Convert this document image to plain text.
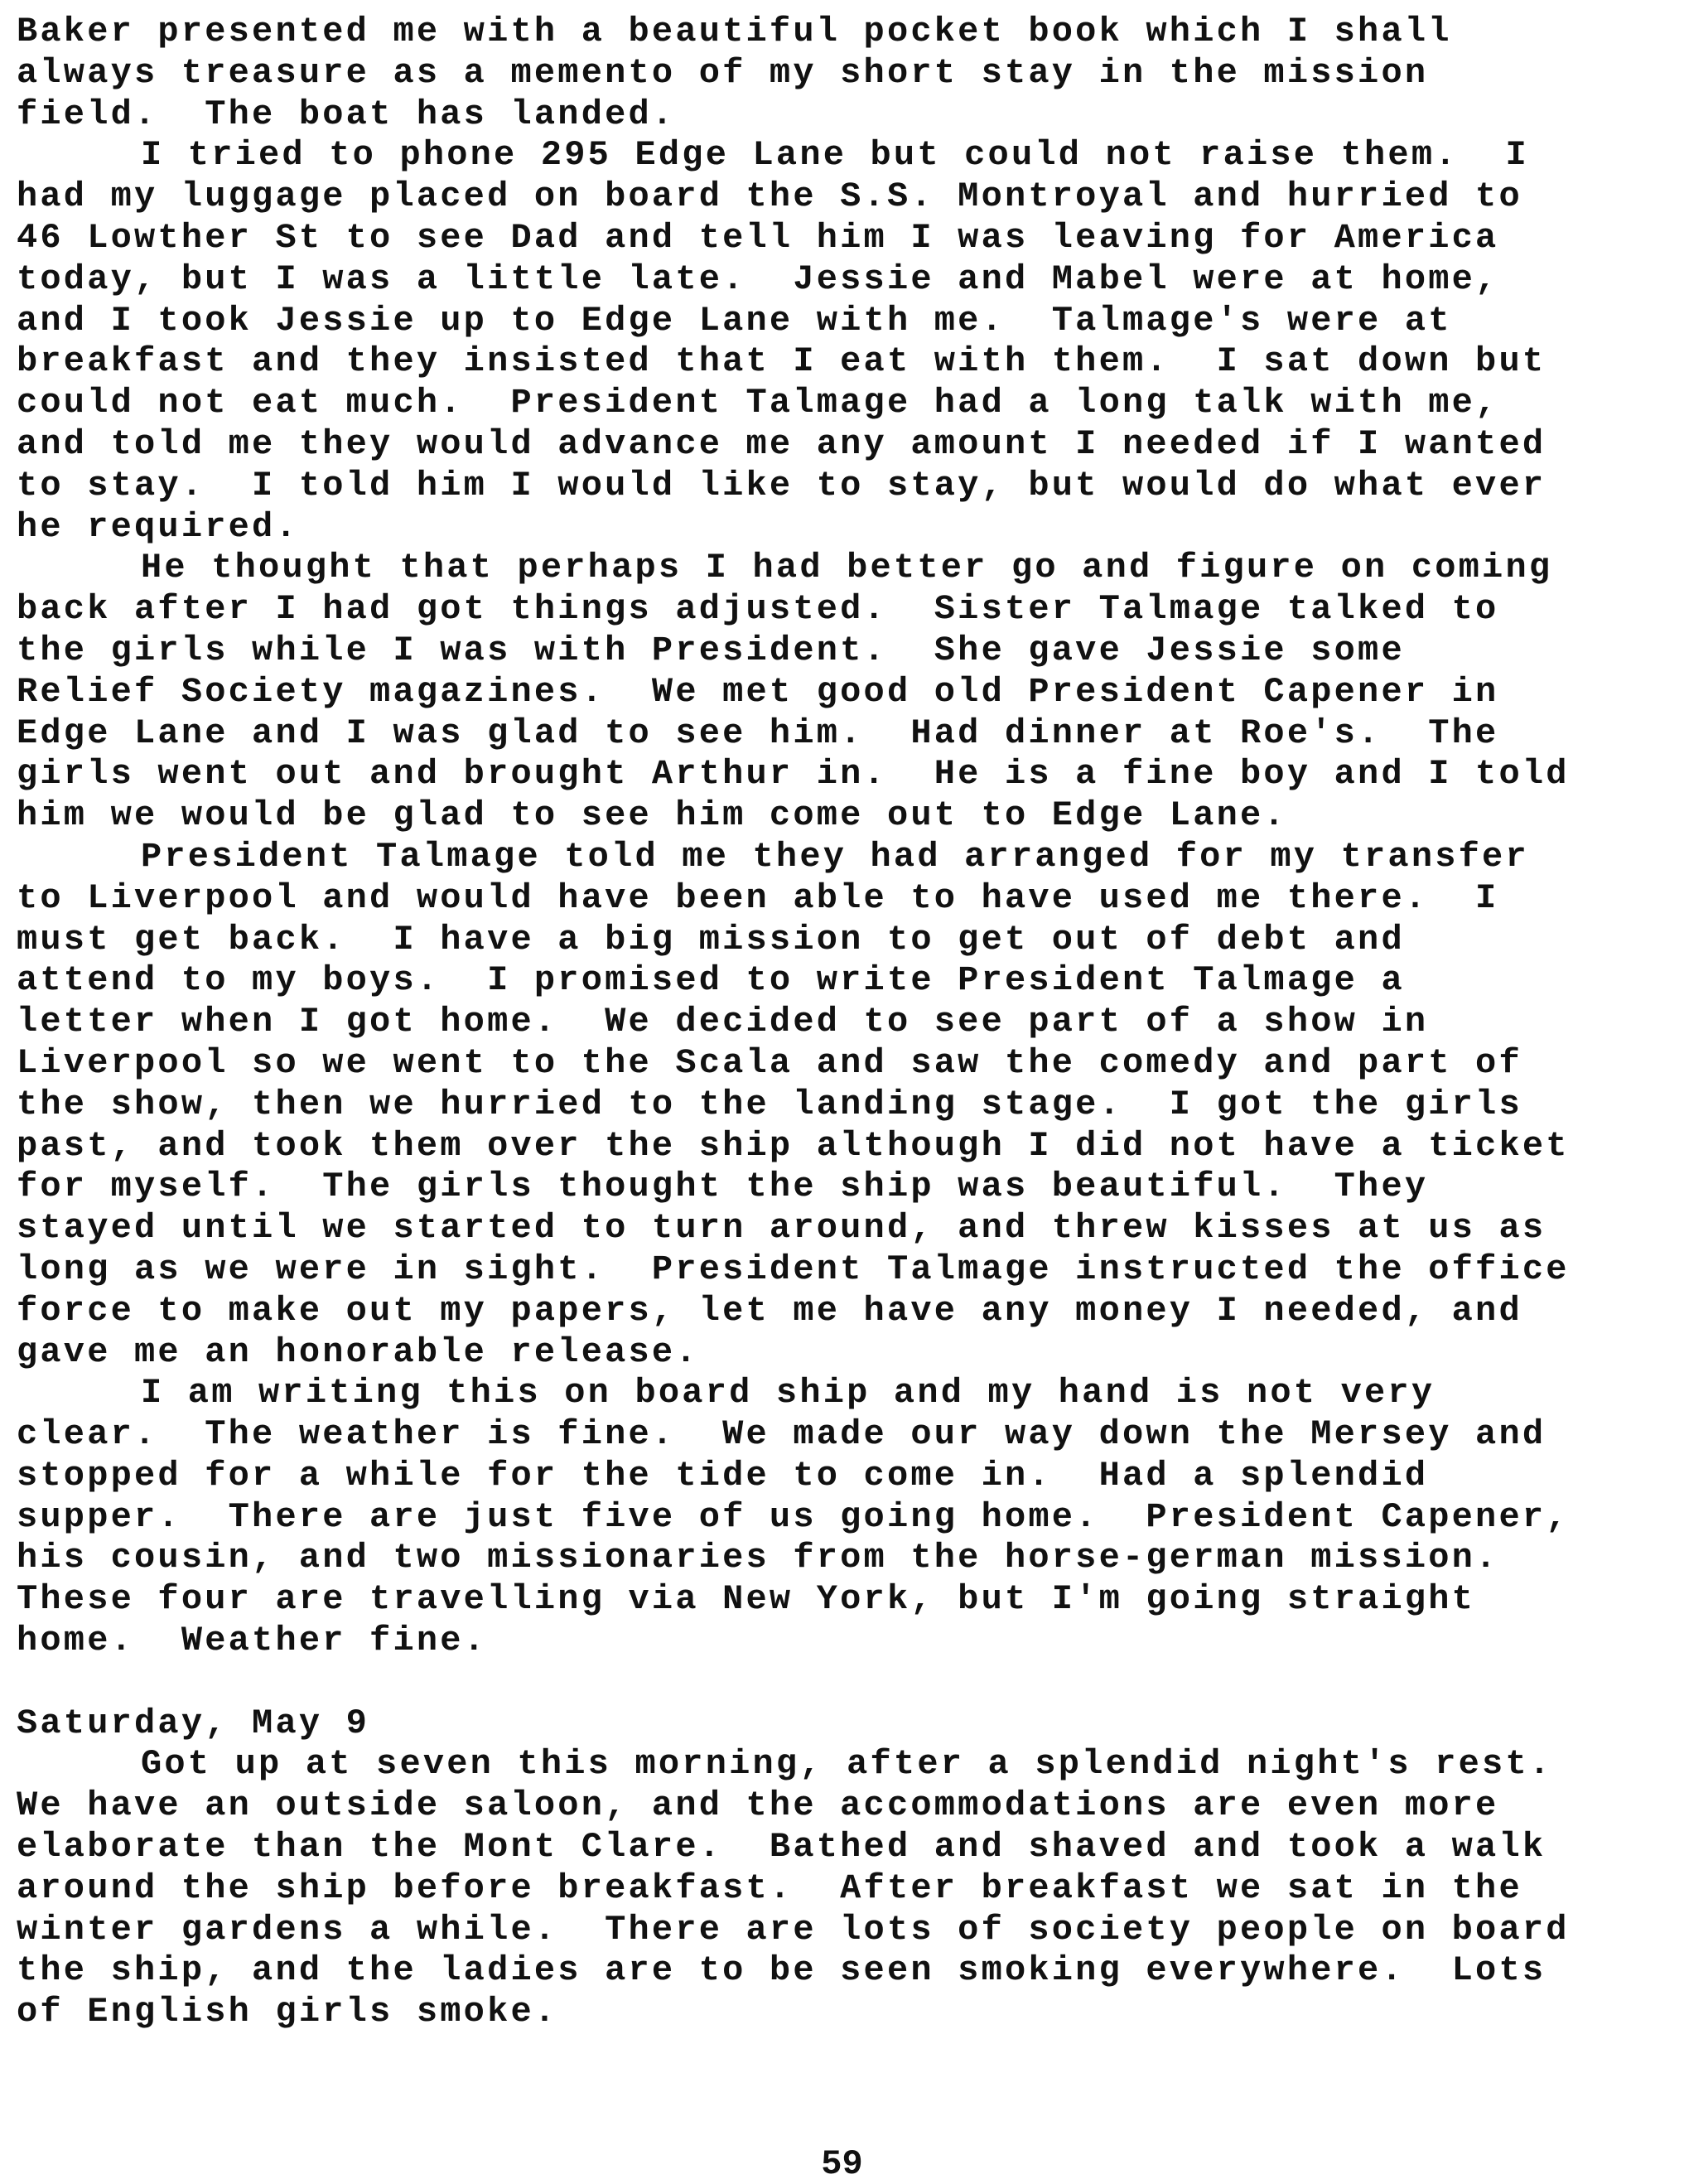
Baker presented me with a beautiful pocket book which I shall
always treasure as a memento of my short stay in the mission
field.  The boat has landed.
I tried to phone 295 Edge Lane but could not raise them.  I
had my luggage placed on board the S.S. Montroyal and hurried to
46 Lowther St to see Dad and tell him I was leaving for America
today, but I was a little late.  Jessie and Mabel were at home,
and I took Jessie up to Edge Lane with me.  Talmage's were at
breakfast and they insisted that I eat with them.  I sat down but
could not eat much.  President Talmage had a long talk with me,
and told me they would advance me any amount I needed if I wanted
to stay.  I told him I would like to stay, but would do what ever
he required.
He thought that perhaps I had better go and figure on coming
back after I had got things adjusted.  Sister Talmage talked to
the girls while I was with President.  She gave Jessie some
Relief Society magazines.  We met good old President Capener in
Edge Lane and I was glad to see him.  Had dinner at Roe's.  The
girls went out and brought Arthur in.  He is a fine boy and I told
him we would be glad to see him come out to Edge Lane.
President Talmage told me they had arranged for my transfer
to Liverpool and would have been able to have used me there.  I
must get back.  I have a big mission to get out of debt and
attend to my boys.  I promised to write President Talmage a
letter when I got home.  We decided to see part of a show in
Liverpool so we went to the Scala and saw the comedy and part of
the show, then we hurried to the landing stage.  I got the girls
past, and took them over the ship although I did not have a ticket
for myself.  The girls thought the ship was beautiful.  They
stayed until we started to turn around, and threw kisses at us as
long as we were in sight.  President Talmage instructed the office
force to make out my papers, let me have any money I needed, and
gave me an honorable release.
I am writing this on board ship and my hand is not very
clear.  The weather is fine.  We made our way down the Mersey and
stopped for a while for the tide to come in.  Had a splendid
supper.  There are just five of us going home.  President Capener,
his cousin, and two missionaries from the horse-german mission.
These four are travelling via New York, but I'm going straight
home.  Weather fine.
Saturday, May 9
Got up at seven this morning, after a splendid night's rest.
We have an outside saloon, and the accommodations are even more
elaborate than the Mont Clare.  Bathed and shaved and took a walk
around the ship before breakfast.  After breakfast we sat in the
winter gardens a while.  There are lots of society people on board
the ship, and the ladies are to be seen smoking everywhere.  Lots
of English girls smoke.
59
